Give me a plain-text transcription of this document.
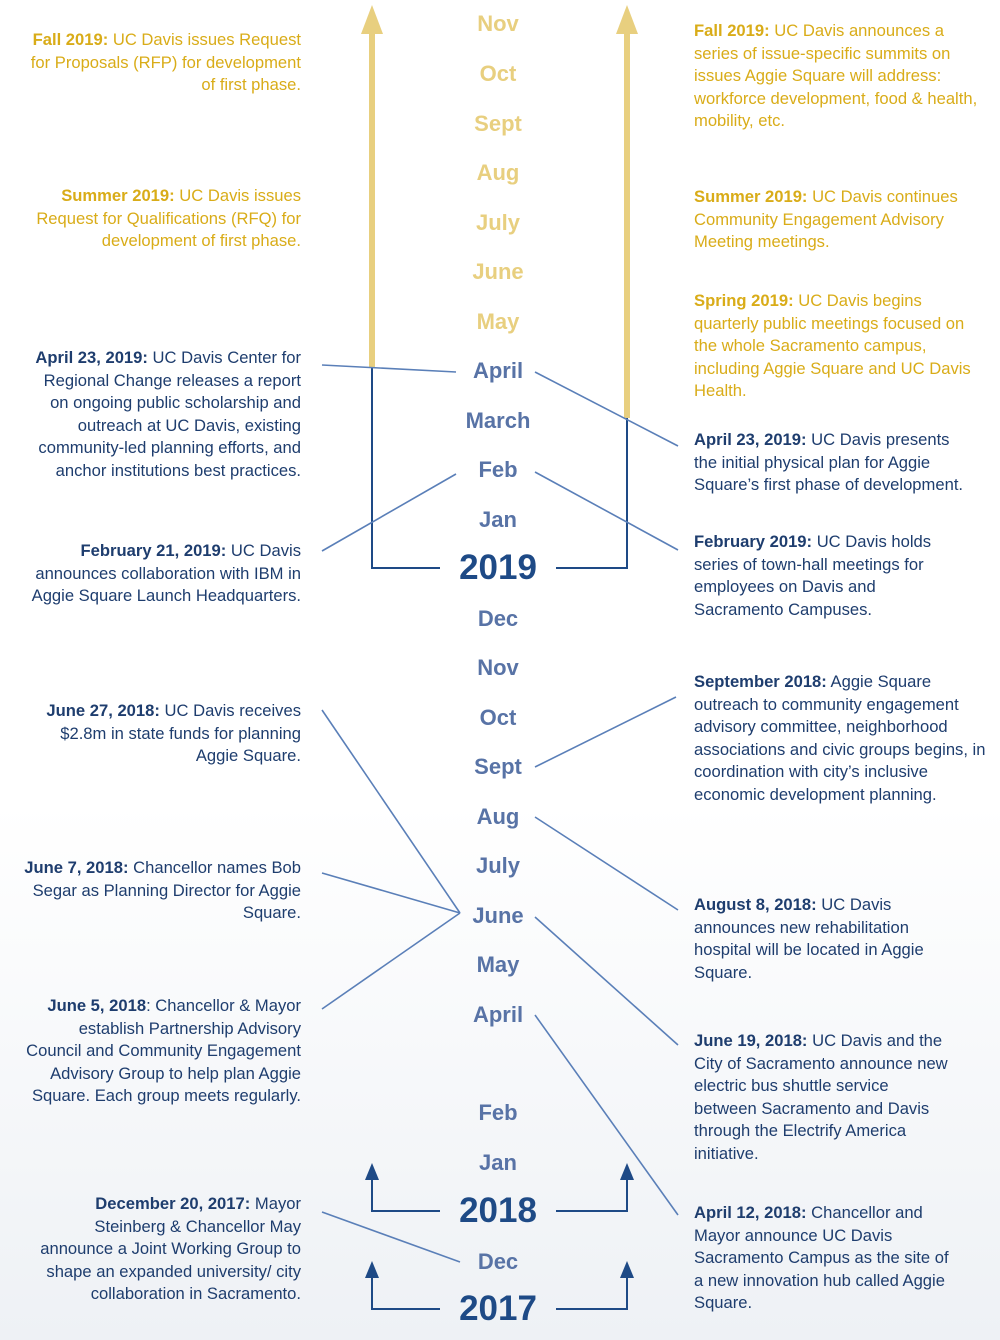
Nov
Oct
Sept
Aug
July
June
May
April
March
Feb
Jan
2019
Dec
Nov
Oct
Sept
Aug
July
June
May
April
Feb
Jan
2018
Dec
2017
Fall 2019: UC Davis issues Request for Proposals (RFP) for development of first phase.
Summer 2019: UC Davis issues Request for Qualifications (RFQ) for development of first phase.
April 23, 2019: UC Davis Center for Regional Change releases a report on ongoing public scholarship and outreach at UC Davis, existing community-led planning efforts, and anchor institutions best practices.
February 21, 2019: UC Davis announces collaboration with IBM in Aggie Square Launch Headquarters.
June 27, 2018: UC Davis receives $2.8m in state funds for planning Aggie Square.
June 7, 2018: Chancellor names Bob Segar as Planning Director for Aggie Square.
June 5, 2018: Chancellor & Mayor establish Partnership Advisory Council and Community Engagement Advisory Group to help plan Aggie Square. Each group meets regularly.
December 20, 2017: Mayor Steinberg & Chancellor May announce a Joint Working Group to shape an expanded university/ city collaboration in Sacramento.
Fall 2019: UC Davis announces a series of issue-specific summits on issues Aggie Square will address: workforce development, food & health, mobility, etc.
Summer 2019: UC Davis continues Community Engagement Advisory Meeting meetings.
Spring 2019: UC Davis begins quarterly public meetings focused on the whole Sacramento campus, including Aggie Square and UC Davis Health.
April 23, 2019: UC Davis presents the initial physical plan for Aggie Square’s first phase of development.
February 2019: UC Davis holds series of town-hall meetings for employees on Davis and Sacramento Campuses.
September 2018: Aggie Square outreach to community engagement advisory committee, neighborhood associations and civic groups begins, in coordination with city’s inclusive economic development planning.
August 8, 2018: UC Davis announces new rehabilitation hospital will be located in Aggie Square.
June 19, 2018: UC Davis and the City of Sacramento announce new electric bus shuttle service between Sacramento and Davis through the Electrify America initiative.
April 12, 2018: Chancellor and Mayor announce UC Davis Sacramento Campus as the site of a new innovation hub called Aggie Square.
